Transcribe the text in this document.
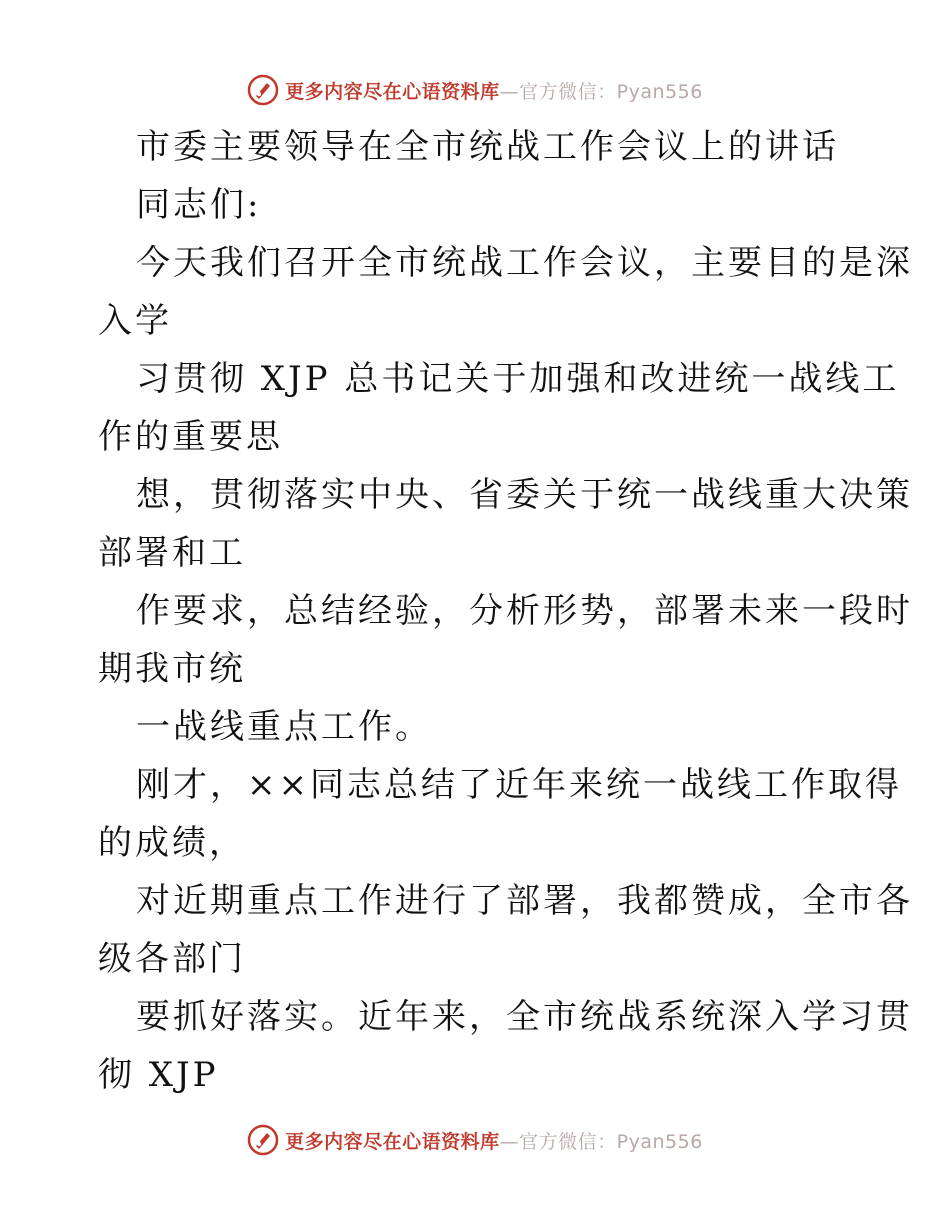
更多内容尽在心语资料库—官方微信：Pyan556
市委主要领导在全市统战工作会议上的讲话
同志们:
今天我们召开全市统战工作会议，主要目的是深
入学
习贯彻 XJP 总书记关于加强和改进统一战线工
作的重要思
想，贯彻落实中央、省委关于统一战线重大决策
部署和工
作要求，总结经验，分析形势，部署未来一段时
期我市统
一战线重点工作。
刚才，××同志总结了近年来统一战线工作取得
的成绩，
对近期重点工作进行了部署，我都赞成，全市各
级各部门
要抓好落实。近年来，全市统战系统深入学习贯
彻 XJP
更多内容尽在心语资料库—官方微信：Pyan556
